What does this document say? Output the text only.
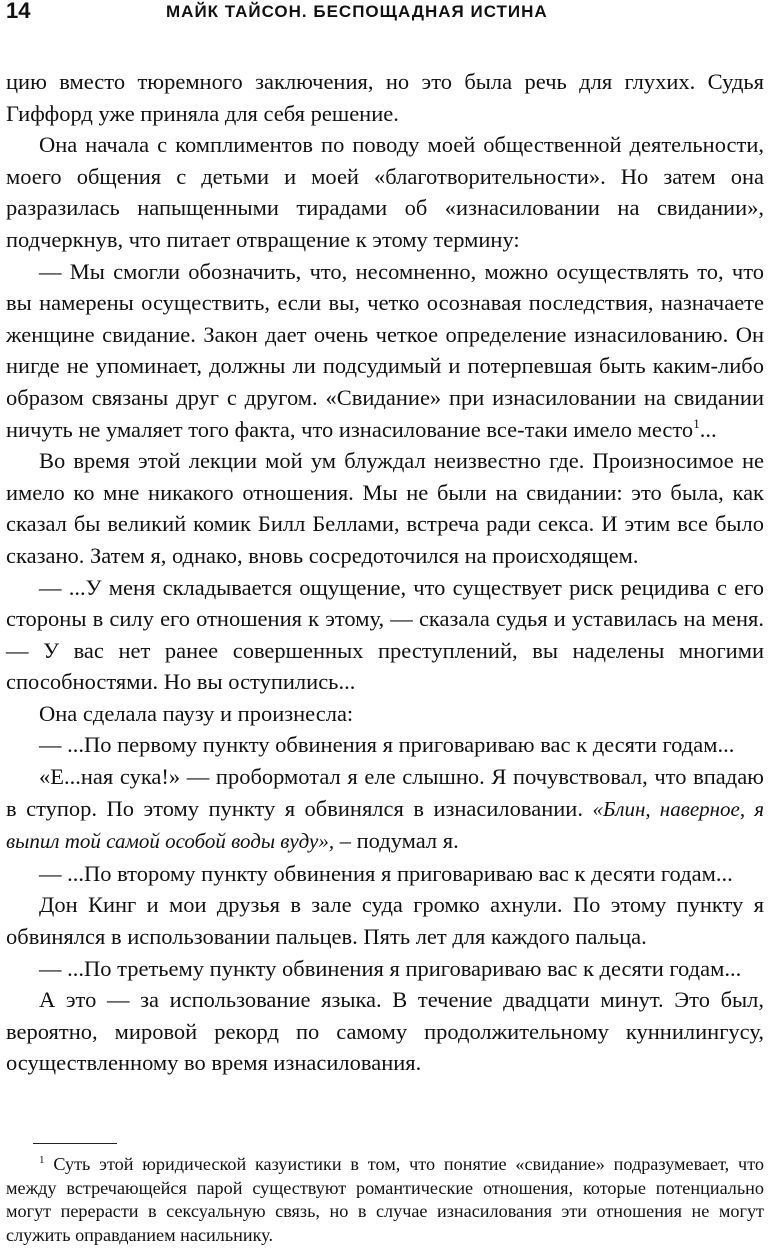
14	МАЙК ТАЙСОН. БЕСПОЩАДНАЯ ИСТИНА

цию вместо тюремного заключения, но это была речь для глухих. Судья Гиффорд уже приняла для себя решение.

Она начала с комплиментов по поводу моей общественной деятельности, моего общения с детьми и моей «благотворительности». Но затем она разразилась напыщенными тирадами об «изнасиловании на свидании», подчеркнув, что питает отвращение к этому термину:

— Мы смогли обозначить, что, несомненно, можно осуществлять то, что вы намерены осуществить, если вы, четко осознавая последствия, назначаете женщине свидание. Закон дает очень четкое определение изнасилованию. Он нигде не упоминает, должны ли подсудимый и потерпевшая быть каким-либо образом связаны друг с другом. «Свидание» при изнасиловании на свидании ничуть не умаляет того факта, что изнасилование все-таки имело место$^1$...

Во время этой лекции мой ум блуждал неизвестно где. Произносимое не имело ко мне никакого отношения. Мы не были на свидании: это была, как сказал бы великий комик Билл Беллами, встреча ради секса. И этим все было сказано. Затем я, однако, вновь сосредоточился на происходящем.

— ...У меня складывается ощущение, что существует риск рецидива с его стороны в силу его отношения к этому, — сказала судья и уставилась на меня. — У вас нет ранее совершенных преступлений, вы наделены многими способностями. Но вы оступились...

Она сделала паузу и произнесла:

— ...По первому пункту обвинения я приговариваю вас к десяти годам...

«Е...ная сука!» — пробормотал я еле слышно. Я почувствовал, что впадаю в ступор. По этому пункту я обвинялся в изнасиловании. «Блин, наверное, я выпил той самой особой воды вуду», – подумал я.

— ...По второму пункту обвинения я приговариваю вас к десяти годам...

Дон Кинг и мои друзья в зале суда громко ахнули. По этому пункту я обвинялся в использовании пальцев. Пять лет для каждого пальца.

— ...По третьему пункту обвинения я приговариваю вас к десяти годам...

А это — за использование языка. В течение двадцати минут. Это был, вероятно, мировой рекорд по самому продолжительному куннилингусу, осуществленному во время изнасилования.

$^1$ Суть этой юридической казуистики в том, что понятие «свидание» подразумевает, что между встречающейся парой существуют романтические отношения, которые потенциально могут перерасти в сексуальную связь, но в случае изнасилования эти отношения не могут служить оправданием насильнику.
